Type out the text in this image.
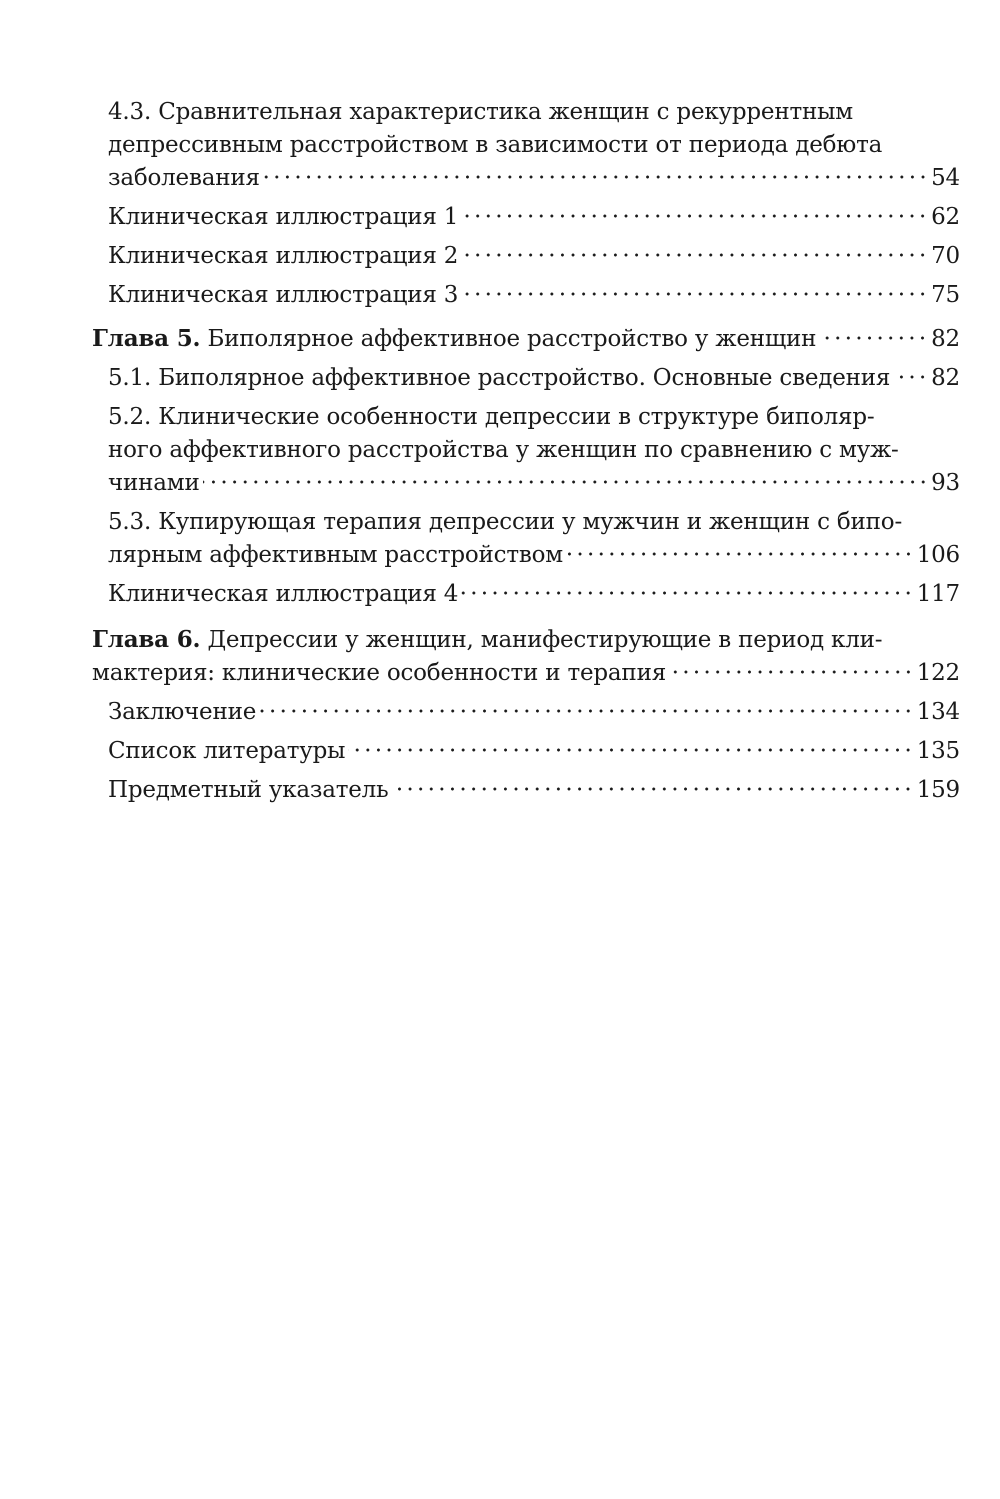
4.3. Сравнительная характеристика женщин с рекуррентным
депрессивным расстройством в зависимости от периода дебюта
заболевания	54
Клиническая иллюстрация 1	62
Клиническая иллюстрация 2	70
Клиническая иллюстрация 3	75
Глава 5. Биполярное аффективное расстройство у женщин	82
5.1. Биполярное аффективное расстройство. Основные сведения 82
5.2. Клинические особенности депрессии в структуре биполяр-
ного аффективного расстройства у женщин по сравнению с муж-
чинами	93
5.3. Купирующая терапия депрессии у мужчин и женщин с бипо-
лярным аффективным расстройством	106
Клиническая иллюстрация 4	117
Глава 6. Депрессии у женщин, манифестирующие в период кли-
мактерия: клинические особенности и терапия	122
Заключение	134
Список литературы	135
Предметный указатель	159
